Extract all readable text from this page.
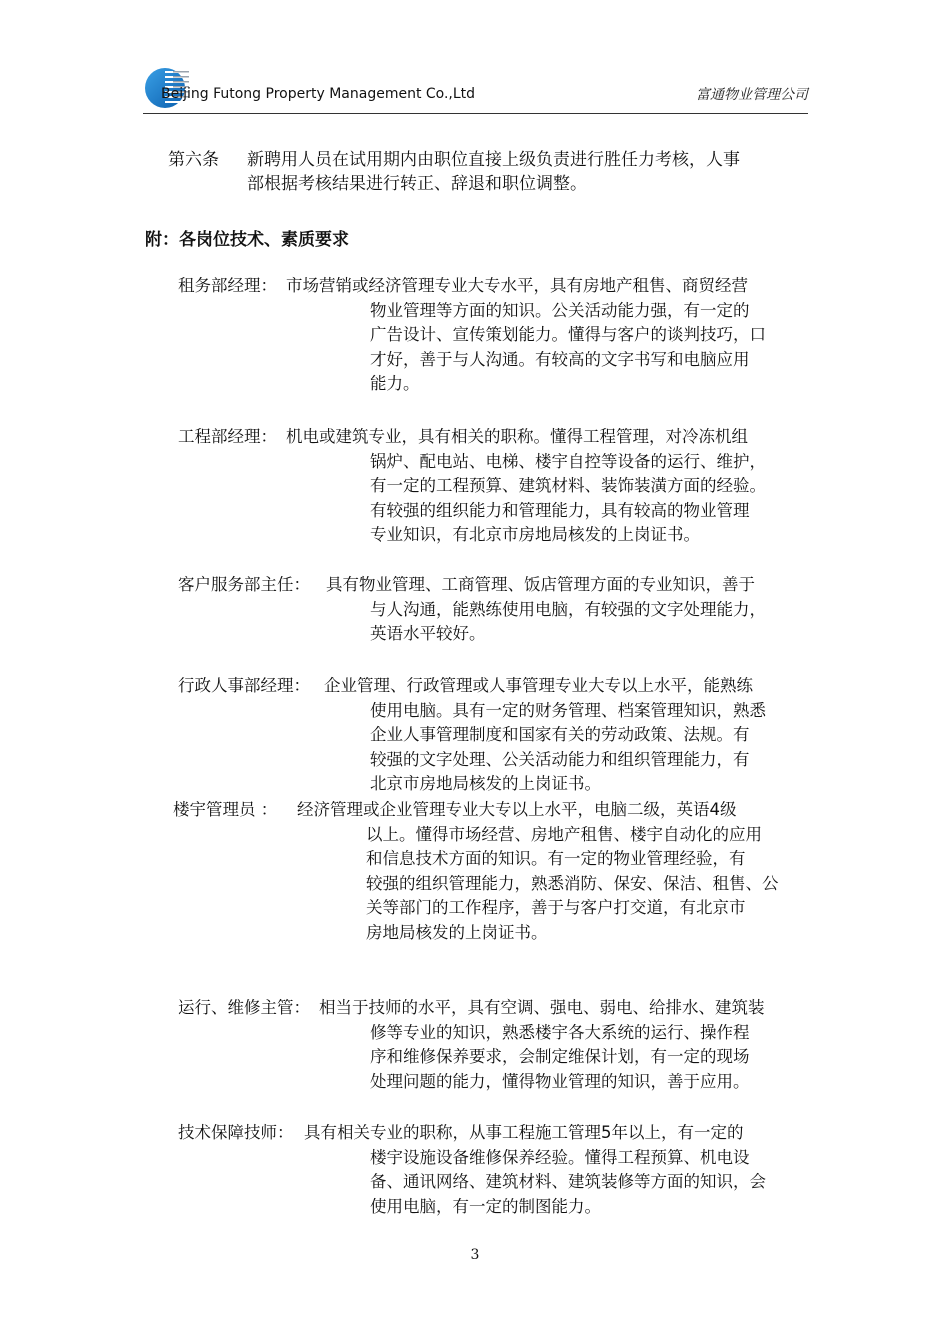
Beijing Futong Property Management Co.,Ltd	富通物业管理公司
第六条 新聘用人员在试用期内由职位直接上级负责进行胜任力考核，人事
部根据考核结果进行转正、辞退和职位调整。
附：各岗位技术、素质要求
租务部经理： 市场营销或经济管理专业大专水平，具有房地产租售、商贸经营
物业管理等方面的知识。公关活动能力强，有一定的
广告设计、宣传策划能力。懂得与客户的谈判技巧，口
才好，善于与人沟通。有较高的文字书写和电脑应用
能力。
工程部经理： 机电或建筑专业，具有相关的职称。懂得工程管理，对冷冻机组
锅炉、配电站、电梯、楼宇自控等设备的运行、维护，
有一定的工程预算、建筑材料、装饰装潢方面的经验。
有较强的组织能力和管理能力，具有较高的物业管理
专业知识，有北京市房地局核发的上岗证书。
客户服务部主任： 具有物业管理、工商管理、饭店管理方面的专业知识，善于
与人沟通，能熟练使用电脑，有较强的文字处理能力，
英语水平较好。
行政人事部经理： 企业管理、行政管理或人事管理专业大专以上水平，能熟练
使用电脑。具有一定的财务管理、档案管理知识，熟悉
企业人事管理制度和国家有关的劳动政策、法规。有
较强的文字处理、公关活动能力和组织管理能力，有
北京市房地局核发的上岗证书。
楼宇管理员 ： 经济管理或企业管理专业大专以上水平，电脑二级，英语4级
以上。懂得市场经营、房地产租售、楼宇自动化的应用
和信息技术方面的知识。有一定的物业管理经验，有
较强的组织管理能力，熟悉消防、保安、保洁、租售、公
关等部门的工作程序，善于与客户打交道，有北京市
房地局核发的上岗证书。
运行、维修主管： 相当于技师的水平，具有空调、强电、弱电、给排水、建筑装
修等专业的知识，熟悉楼宇各大系统的运行、操作程
序和维修保养要求，会制定维保计划，有一定的现场
处理问题的能力，懂得物业管理的知识，善于应用。
技术保障技师： 具有相关专业的职称，从事工程施工管理5年以上，有一定的
楼宇设施设备维修保养经验。懂得工程预算、机电设
备、通讯网络、建筑材料、建筑装修等方面的知识，会
使用电脑，有一定的制图能力。
3
